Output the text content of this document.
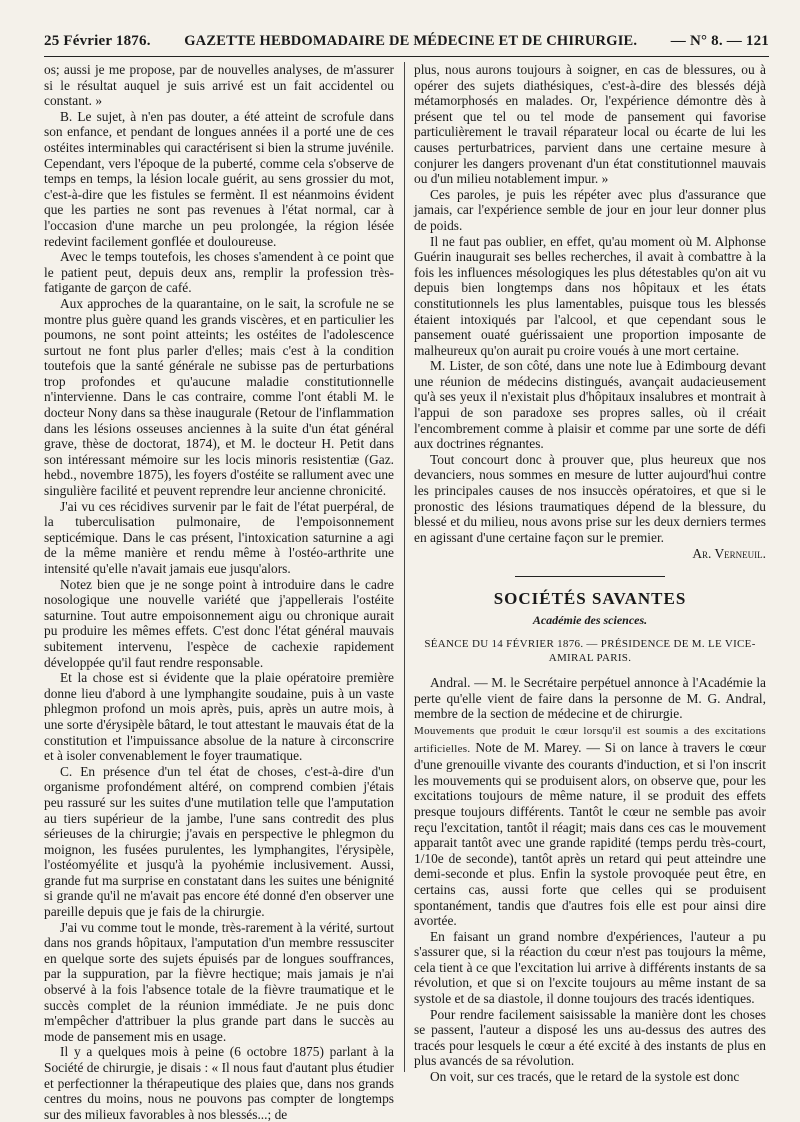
25 Février 1876. GAZETTE HEBDOMADAIRE DE MÉDECINE ET DE CHIRURGIE. — N° 8. — 121

os; aussi je me propose, par de nouvelles analyses, de m'assurer si le résultat auquel je suis arrivé est un fait accidentel ou constant. »

B. Le sujet, à n'en pas douter, a été atteint de scrofule dans son enfance, et pendant de longues années il a porté une de ces ostéites interminables qui caractérisent si bien la strume juvénile. Cependant, vers l'époque de la puberté, comme cela s'observe de temps en temps, la lésion locale guérit, au sens grossier du mot, c'est-à-dire que les fistules se fermènt. Il est néanmoins évident que les parties ne sont pas revenues à l'état normal, car à l'occasion d'une marche un peu prolongée, la région lésée redevint facilement gonflée et douloureuse.

Avec le temps toutefois, les choses s'amendent à ce point que le patient peut, depuis deux ans, remplir la profession très-fatigante de garçon de café.

Aux approches de la quarantaine, on le sait, la scrofule ne se montre plus guère quand les grands viscères, et en particulier les poumons, ne sont point atteints; les ostéites de l'adolescence surtout ne font plus parler d'elles; mais c'est à la condition toutefois que la santé générale ne subisse pas de perturbations trop profondes et qu'aucune maladie constitutionnelle n'intervienne. Dans le cas contraire, comme l'ont établi M. le docteur Nony dans sa thèse inaugurale (Retour de l'inflammation dans les lésions osseuses anciennes à la suite d'un état général grave, thèse de doctorat, 1874), et M. le docteur H. Petit dans son intéressant mémoire sur les locis minoris resistentiæ (Gaz. hebd., novembre 1875), les foyers d'ostéite se rallument avec une singulière facilité et peuvent reprendre leur ancienne chronicité.

J'ai vu ces récidives survenir par le fait de l'état puerpéral, de la tuberculisation pulmonaire, de l'empoisonnement septicémique. Dans le cas présent, l'intoxication saturnine a agi de la même manière et rendu même à l'ostéo-arthrite une intensité qu'elle n'avait jamais eue jusqu'alors.

Notez bien que je ne songe point à introduire dans le cadre nosologique une nouvelle variété que j'appellerais l'ostéite saturnine. Tout autre empoisonnement aigu ou chronique aurait pu produire les mêmes effets. C'est donc l'état général mauvais subitement intervenu, l'espèce de cachexie rapidement développée qu'il faut rendre responsable.

Et la chose est si évidente que la plaie opératoire première donne lieu d'abord à une lymphangite soudaine, puis à un vaste phlegmon profond un mois après, puis, après un autre mois, à une sorte d'érysipèle bâtard, le tout attestant le mauvais état de la constitution et l'impuissance absolue de la nature à circonscrire et à isoler convenablement le foyer traumatique.

C. En présence d'un tel état de choses, c'est-à-dire d'un organisme profondément altéré, on comprend combien j'étais peu rassuré sur les suites d'une mutilation telle que l'amputation au tiers supérieur de la jambe, l'une sans contredit des plus sérieuses de la chirurgie; j'avais en perspective le phlegmon du moignon, les fusées purulentes, les lymphangites, l'érysipèle, l'ostéomyélite et jusqu'à la pyohémie inclusivement. Aussi, grande fut ma surprise en constatant dans les suites une bénignité si grande qu'il ne m'avait pas encore été donné d'en observer une pareille depuis que je fais de la chirurgie.

J'ai vu comme tout le monde, très-rarement à la vérité, surtout dans nos grands hôpitaux, l'amputation d'un membre ressusciter en quelque sorte des sujets épuisés par de longues souffrances, par la suppuration, par la fièvre hectique; mais jamais je n'ai observé à la fois l'absence totale de la fièvre traumatique et le succès complet de la réunion immédiate. Je ne puis donc m'empêcher d'attribuer la plus grande part dans le succès au mode de pansement mis en usage.

Il y a quelques mois à peine (6 octobre 1875) parlant à la Société de chirurgie, je disais : « Il nous faut d'autant plus étudier et perfectionner la thérapeutique des plaies que, dans nos grands centres du moins, nous ne pouvons pas compter de longtemps sur des milieux favorables à nos blessés...; de

plus, nous aurons toujours à soigner, en cas de blessures, ou à opérer des sujets diathésiques, c'est-à-dire des blessés déjà métamorphosés en malades. Or, l'expérience démontre dès à présent que tel ou tel mode de pansement qui favorise particulièrement le travail réparateur local ou écarte de lui les causes perturbatrices, parvient dans une certaine mesure à conjurer les dangers provenant d'un état constitutionnel mauvais ou d'un milieu notablement impur. »

Ces paroles, je puis les répéter avec plus d'assurance que jamais, car l'expérience semble de jour en jour leur donner plus de poids.

Il ne faut pas oublier, en effet, qu'au moment où M. Alphonse Guérin inaugurait ses belles recherches, il avait à combattre à la fois les influences mésologiques les plus détestables qu'on ait vu depuis bien longtemps dans nos hôpitaux et les états constitutionnels les plus lamentables, puisque tous les blessés étaient intoxiqués par l'alcool, et que cependant sous le pansement ouaté guérissaient une proportion imposante de malheureux qu'on aurait pu croire voués à une mort certaine.

M. Lister, de son côté, dans une note lue à Edimbourg devant une réunion de médecins distingués, avançait audacieusement qu'à ses yeux il n'existait plus d'hôpitaux insalubres et montrait à l'appui de son paradoxe ses propres salles, où il créait l'encombrement comme à plaisir et comme par une sorte de défi aux doctrines régnantes.

Tout concourt donc à prouver que, plus heureux que nos devanciers, nous sommes en mesure de lutter aujourd'hui contre les principales causes de nos insuccès opératoires, et que si le pronostic des lésions traumatiques dépend de la blessure, du blessé et du milieu, nous avons prise sur les deux derniers termes en agissant d'une certaine façon sur le premier.

Ar. Verneuil.
SOCIÉTÉS SAVANTES
Académie des sciences.
SÉANCE DU 14 FÉVRIER 1876. — PRÉSIDENCE DE M. LE VICE-AMIRAL PARIS.

Andral. — M. le Secrétaire perpétuel annonce à l'Académie la perte qu'elle vient de faire dans la personne de M. G. Andral, membre de la section de médecine et de chirurgie.

Mouvements que produit le cœur lorsqu'il est soumis a des excitations artificielles. Note de M. Marey. — Si on lance à travers le cœur d'une grenouille vivante des courants d'induction, et si l'on inscrit les mouvements qui se produisent alors, on observe que, pour les excitations toujours de même nature, il se produit des effets presque toujours différents. Tantôt le cœur ne semble pas avoir reçu l'excitation, tantôt il réagit; mais dans ces cas le mouvement apparait tantôt avec une grande rapidité (temps perdu très-court, 1/10e de seconde), tantôt après un retard qui peut atteindre une demi-seconde et plus. Enfin la systole provoquée peut être, en certains cas, aussi forte que celles qui se produisent spontanément, tandis que d'autres fois elle est pour ainsi dire avortée.

En faisant un grand nombre d'expériences, l'auteur a pu s'assurer que, si la réaction du cœur n'est pas toujours la même, cela tient à ce que l'excitation lui arrive à différents instants de sa révolution, et que si on l'excite toujours au même instant de sa systole et de sa diastole, il donne toujours des tracés identiques.

Pour rendre facilement saisissable la manière dont les choses se passent, l'auteur a disposé les uns au-dessus des autres des tracés pour lesquels le cœur a été excité à des instants de plus en plus avancés de sa révolution.

On voit, sur ces tracés, que le retard de la systole est donc
